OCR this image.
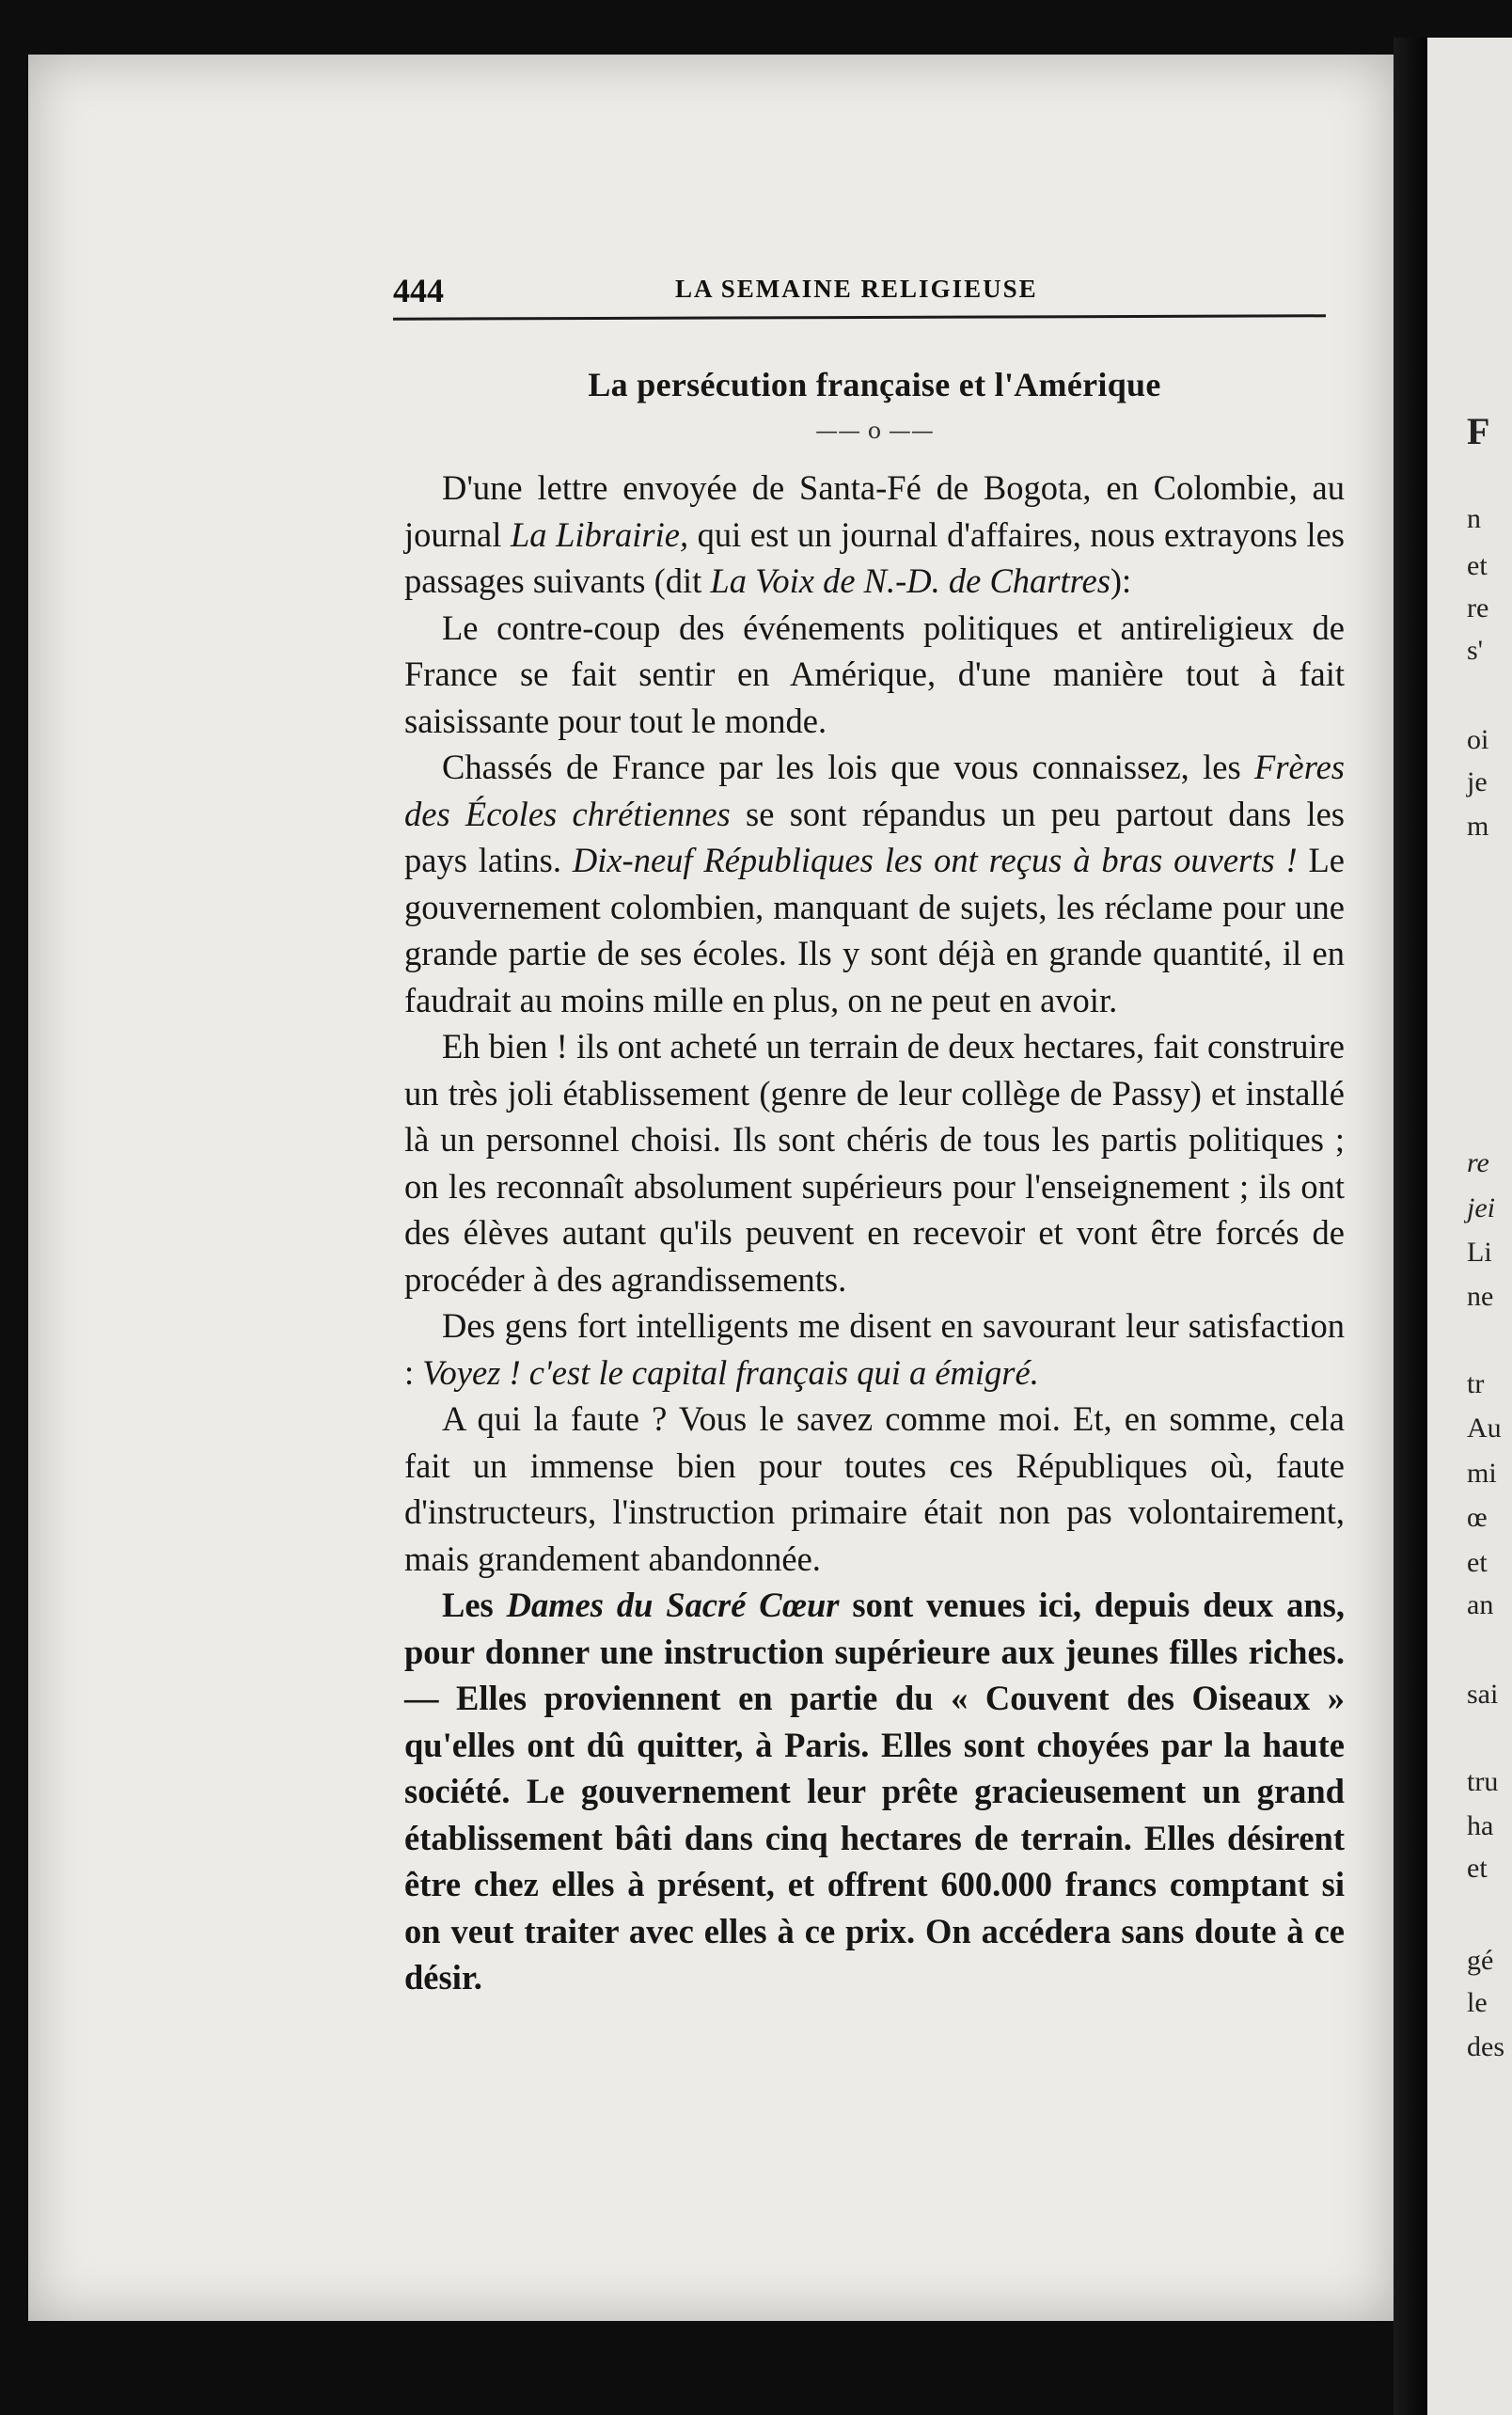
F
n
et
re
s'
oi
je
m
re
jei
Li
ne
tr
Au
mi
œ
et
an
sai
tru
ha
et
gé
le
des
444	LA SEMAINE RELIGIEUSE
La persécution française et l'Amérique
—— o ——

D'une lettre envoyée de Santa-Fé de Bogota, en Colombie, au journal La Librairie, qui est un journal d'affaires, nous extrayons les passages suivants (dit La Voix de N.-D. de Chartres):

Le contre-coup des événements politiques et antireligieux de France se fait sentir en Amérique, d'une manière tout à fait saisissante pour tout le monde.

Chassés de France par les lois que vous connaissez, les Frères des Écoles chrétiennes se sont répandus un peu partout dans les pays latins. Dix-neuf Républiques les ont reçus à bras ouverts ! Le gouvernement colombien, manquant de sujets, les réclame pour une grande partie de ses écoles. Ils y sont déjà en grande quantité, il en faudrait au moins mille en plus, on ne peut en avoir.

Eh bien ! ils ont acheté un terrain de deux hectares, fait construire un très joli établissement (genre de leur collège de Passy) et installé là un personnel choisi. Ils sont chéris de tous les partis politiques ; on les reconnaît absolument supérieurs pour l'enseignement ; ils ont des élèves autant qu'ils peuvent en recevoir et vont être forcés de procéder à des agrandissements.

Des gens fort intelligents me disent en savourant leur satisfaction : Voyez ! c'est le capital français qui a émigré.

A qui la faute ? Vous le savez comme moi. Et, en somme, cela fait un immense bien pour toutes ces Républiques où, faute d'instructeurs, l'instruction primaire était non pas volontairement, mais grandement abandonnée.

Les Dames du Sacré Cœur sont venues ici, depuis deux ans, pour donner une instruction supérieure aux jeunes filles riches. — Elles proviennent en partie du « Couvent des Oiseaux » qu'elles ont dû quitter, à Paris. Elles sont choyées par la haute société. Le gouvernement leur prête gracieusement un grand établissement bâti dans cinq hectares de terrain. Elles désirent être chez elles à présent, et offrent 600.000 francs comptant si on veut traiter avec elles à ce prix. On accédera sans doute à ce désir.
